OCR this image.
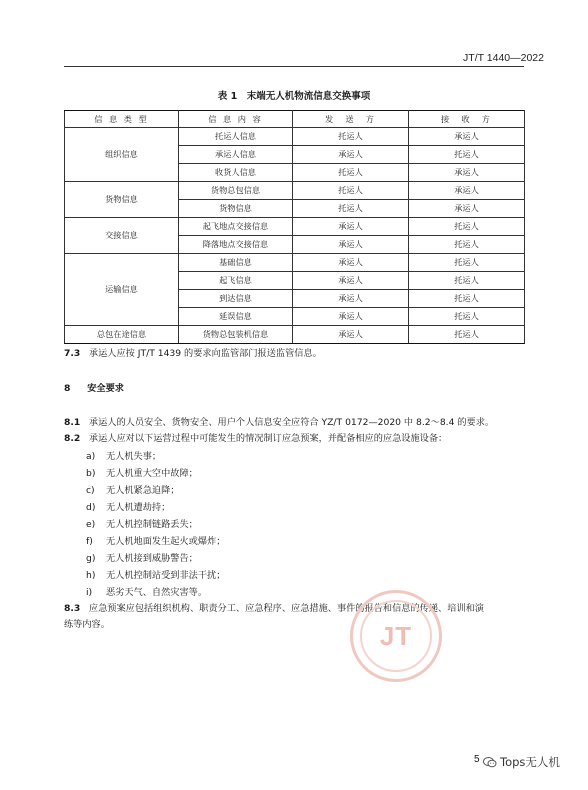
JT/T 1440—2022
表 1　末端无人机物流信息交换事项
信 息 类 型	信 息 内 容	发　送　方	接　收　方
组织信息	托运人信息	托运人	承运人
	承运人信息	承运人	托运人
	收货人信息	托运人	承运人
货物信息	货物总包信息	托运人	承运人
	货物信息	托运人	承运人
交接信息	起飞地点交接信息	承运人	托运人
	降落地点交接信息	承运人	托运人
运输信息	基础信息	承运人	托运人
	起飞信息	承运人	托运人
	到达信息	承运人	托运人
	延误信息	承运人	托运人
总包在途信息	货物总包装机信息	承运人	托运人
7.3 承运人应按 JT/T 1439 的要求向监管部门报送监管信息。
8 安全要求
8.1 承运人的人员安全、货物安全、用户个人信息安全应符合 YZ/T 0172—2020 中 8.2～8.4 的要求。
8.2 承运人应对以下运营过程中可能发生的情况制订应急预案，并配备相应的应急设施设备：
a) 无人机失事；
b) 无人机重大空中故障；
c) 无人机紧急迫降；
d) 无人机遭劫持；
e) 无人机控制链路丢失；
f) 无人机地面发生起火或爆炸；
g) 无人机接到威胁警告；
h) 无人机控制站受到非法干扰；
i) 恶劣天气、自然灾害等。
8.3 应急预案应包括组织机构、职责分工、应急程序、应急措施、事件的报告和信息的传递、培训和演
练等内容。	JT
5 Tops无人机
